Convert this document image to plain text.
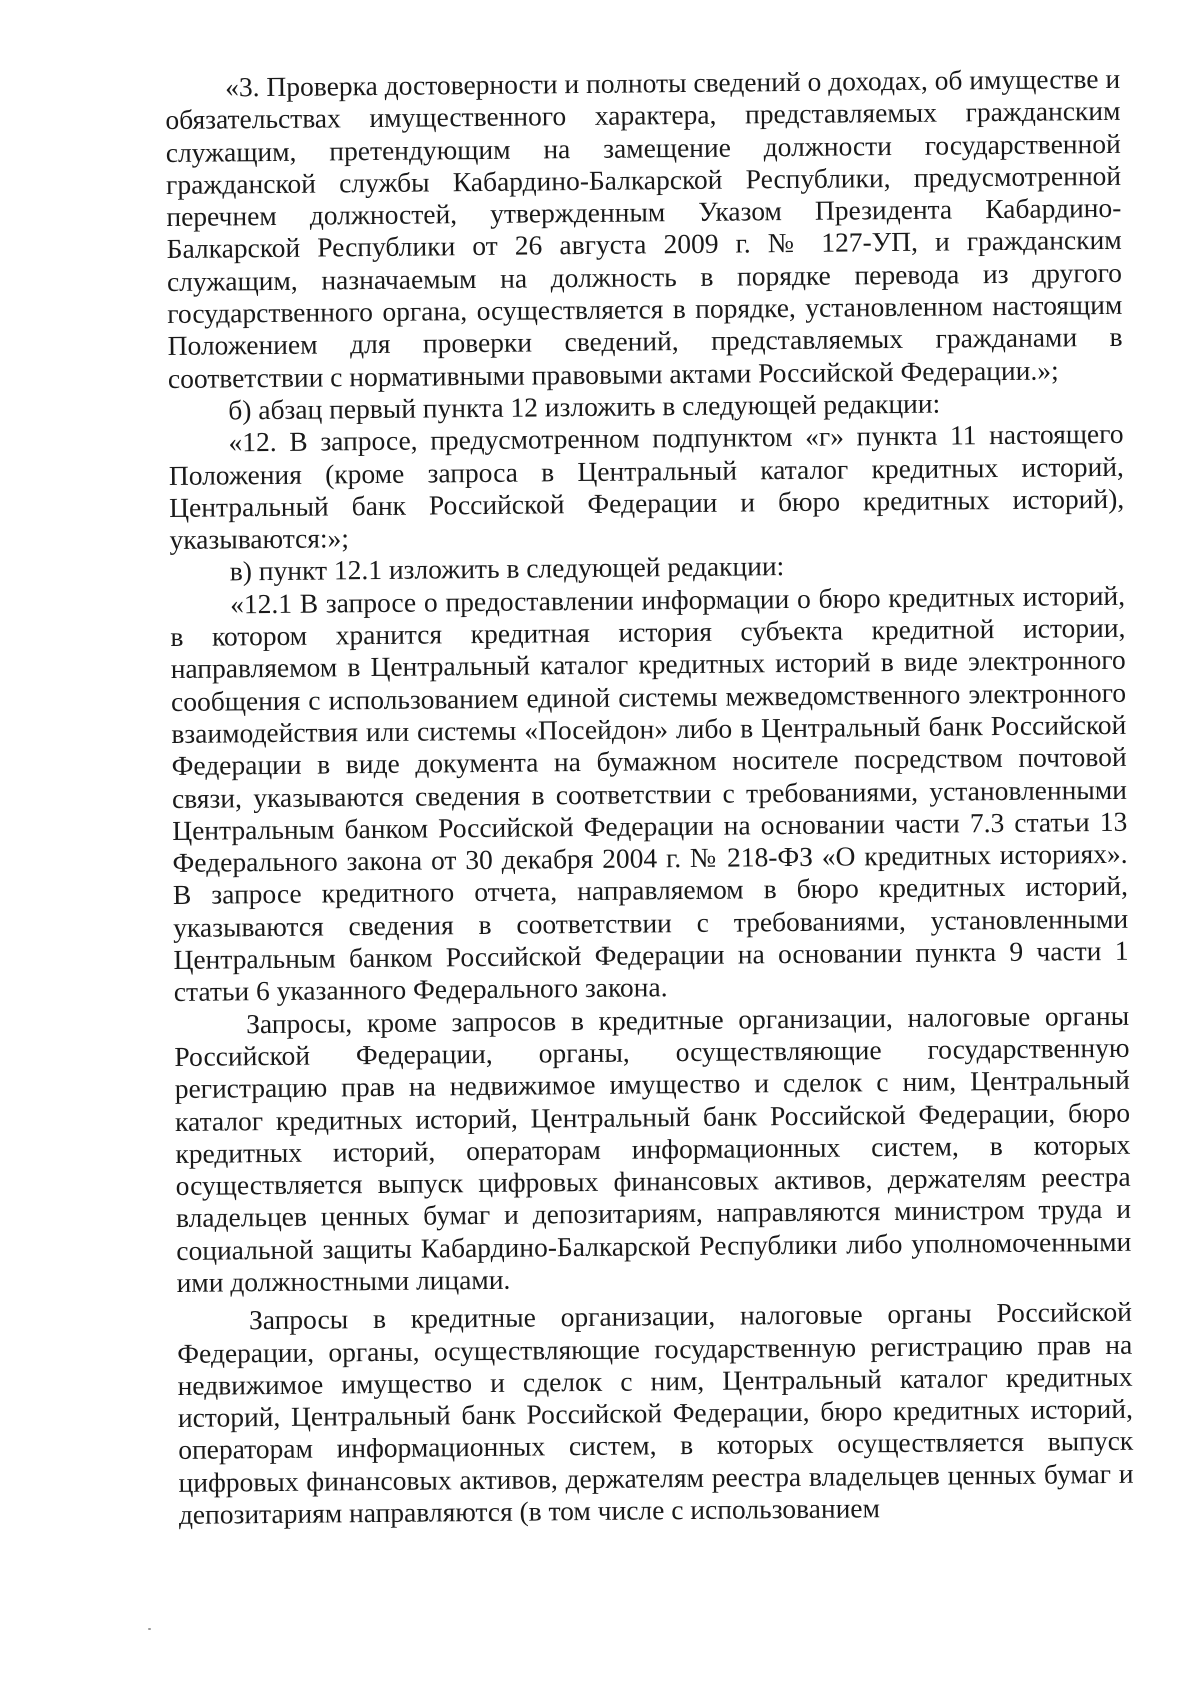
«3. Проверка достоверности и полноты сведений о доходах, об имуществе и обязательствах имущественного характера, представляемых гражданским служащим, претендующим на замещение должности государственной гражданской службы Кабардино-Балкарской Республики, предусмотренной перечнем должностей, утвержденным Указом Президента Кабардино-Балкарской Республики от 26 августа 2009 г. № 127-УП, и гражданским служащим, назначаемым на должность в порядке перевода из другого государственного органа, осуществляется в порядке, установленном настоящим Положением для проверки сведений, представляемых гражданами в соответствии с нормативными правовыми актами Российской Федерации.»;

б) абзац первый пункта 12 изложить в следующей редакции:

«12. В запросе, предусмотренном подпунктом «г» пункта 11 настоящего Положения (кроме запроса в Центральный каталог кредитных историй, Центральный банк Российской Федерации и бюро кредитных историй), указываются:»;

в) пункт 12.1 изложить в следующей редакции:

«12.1 В запросе о предоставлении информации о бюро кредитных историй, в котором хранится кредитная история субъекта кредитной истории, направляемом в Центральный каталог кредитных историй в виде электронного сообщения с использованием единой системы межведомственного электронного взаимодействия или системы «Посейдон» либо в Центральный банк Российской Федерации в виде документа на бумажном носителе посредством почтовой связи, указываются сведения в соответствии с требованиями, установленными Центральным банком Российской Федерации на основании части 7.3 статьи 13 Федерального закона от 30 декабря 2004 г. № 218-ФЗ «О кредитных историях». В запросе кредитного отчета, направляемом в бюро кредитных историй, указываются сведения в соответствии с требованиями, установленными Центральным банком Российской Федерации на основании пункта 9 части 1 статьи 6 указанного Федерального закона.

Запросы, кроме запросов в кредитные организации, налоговые органы Российской Федерации, органы, осуществляющие государственную регистрацию прав на недвижимое имущество и сделок с ним, Центральный каталог кредитных историй, Центральный банк Российской Федерации, бюро кредитных историй, операторам информационных систем, в которых осуществляется выпуск цифровых финансовых активов, держателям реестра владельцев ценных бумаг и депозитариям, направляются министром труда и социальной защиты Кабардино-Балкарской Республики либо уполномоченными ими должностными лицами.

Запросы в кредитные организации, налоговые органы Российской Федерации, органы, осуществляющие государственную регистрацию прав на недвижимое имущество и сделок с ним, Центральный каталог кредитных историй, Центральный банк Российской Федерации, бюро кредитных историй, операторам информационных систем, в которых осуществляется выпуск цифровых финансовых активов, держателям реестра владельцев ценных бумаг и депозитариям направляются (в том числе с использованием
